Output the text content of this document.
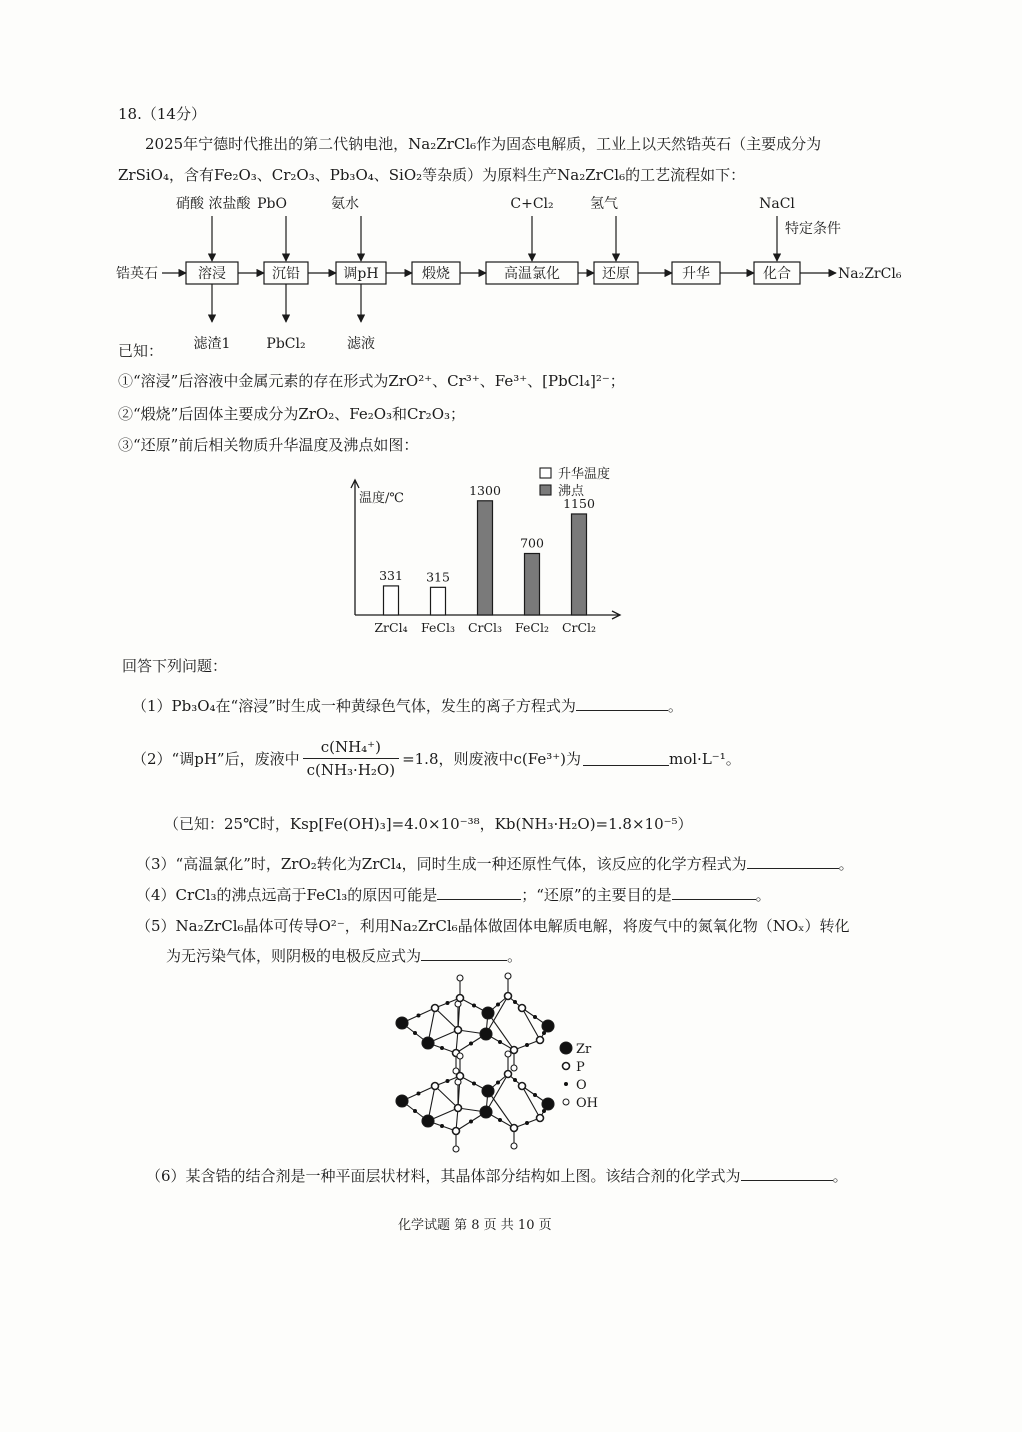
18.（14分）
2025年宁德时代推出的第二代钠电池，Na₂ZrCl₆作为固态电解质，工业上以天然锆英石（主要成分为
ZrSiO₄，含有Fe₂O₃、Cr₂O₃、Pb₃O₄、SiO₂等杂质）为原料生产Na₂ZrCl₆的工艺流程如下：
锆英石	溶浸	沉铅	调pH	煅烧	高温氯化	还原	升华	化合	Na₂ZrCl₆
硝酸 浓盐酸 PbO	氨水	C+Cl₂	氢气	NaCl
特定条件
滤渣1	PbCl₂	滤液
已知：
①“溶浸”后溶液中金属元素的存在形式为ZrO²⁺、Cr³⁺、Fe³⁺、[PbCl₄]²⁻；
②“煅烧”后固体主要成分为ZrO₂、Fe₂O₃和Cr₂O₃；
③“还原”前后相关物质升华温度及沸点如图：
温度/℃
331
ZrCl₄
315
FeCl₃
1300
CrCl₃
700
FeCl₂
1150
CrCl₂
升华温度
沸点
回答下列问题：
（1）Pb₃O₄在“溶浸”时生成一种黄绿色气体，发生的离子方程式为	。
（2）“调pH”后，废液中 $\frac{\text{c(NH₄⁺)}}{\text{c(NH₃·H₂O)}} =1.8$，则废液中c(Fe³⁺)为	mol·L⁻¹。
（已知：25℃时，Ksp[Fe(OH)₃]=4.0×10⁻³⁸，Kb(NH₃·H₂O)=1.8×10⁻⁵）
（3）“高温氯化”时，ZrO₂转化为ZrCl₄，同时生成一种还原性气体，该反应的化学方程式为	。
（4）CrCl₃的沸点远高于FeCl₃的原因可能是	；“还原”的主要目的是	。
（5）Na₂ZrCl₆晶体可传导O²⁻，利用Na₂ZrCl₆晶体做固体电解质电解，将废气中的氮氧化物（NOₓ）转化
为无污染气体，则阴极的电极反应式为	。
Zr
P
O
OH
（6）某含锆的结合剂是一种平面层状材料，其晶体部分结构如上图。该结合剂的化学式为	。
化学试题 第 8 页 共 10 页
